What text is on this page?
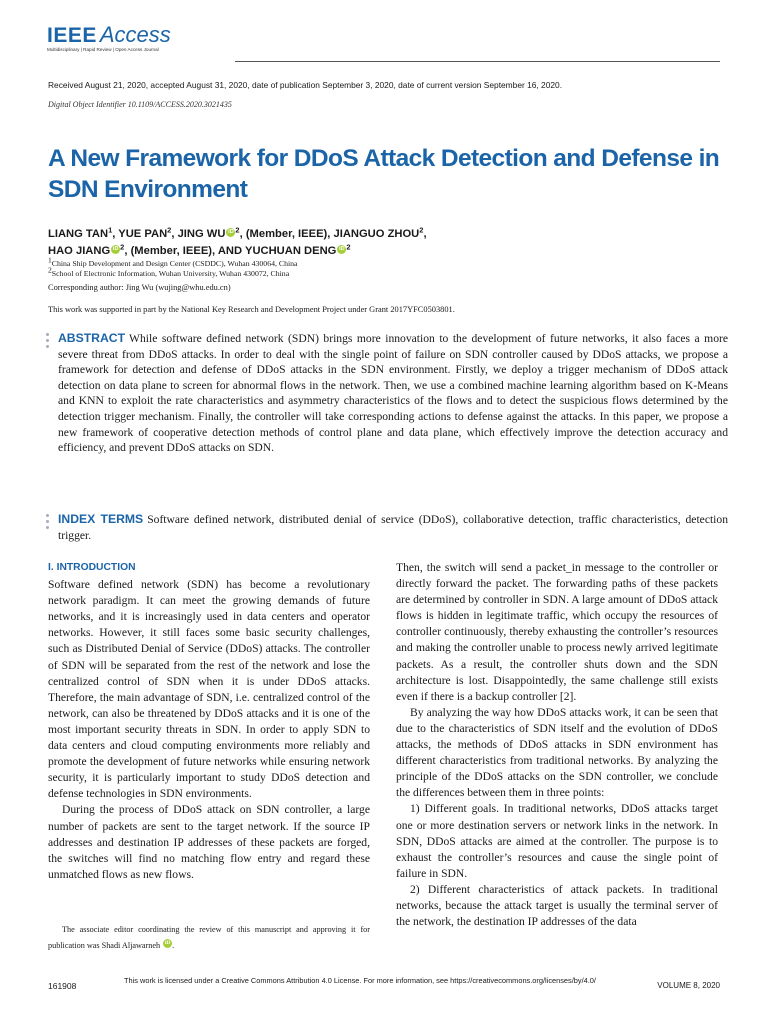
IEEE Access
Multidisciplinary | Rapid Review | Open Access Journal
Received August 21, 2020, accepted August 31, 2020, date of publication September 3, 2020, date of current version September 16, 2020.
Digital Object Identifier 10.1109/ACCESS.2020.3021435
A New Framework for DDoS Attack Detection and Defense in SDN Environment
LIANG TAN$^1$, YUE PAN$^2$, JING WU iD $^2$, (Member, IEEE), JIANGUO ZHOU$^2$,
HAO JIANG iD $^2$, (Member, IEEE), AND YUCHUAN DENG iD $^2$
$^1$China Ship Development and Design Center (CSDDC), Wuhan 430064, China
$^2$School of Electronic Information, Wuhan University, Wuhan 430072, China
Corresponding author: Jing Wu (wujing@whu.edu.cn)
This work was supported in part by the National Key Research and Development Project under Grant 2017YFC0503801.

ABSTRACT While software defined network (SDN) brings more innovation to the development of future networks, it also faces a more severe threat from DDoS attacks. In order to deal with the single point of failure on SDN controller caused by DDoS attacks, we propose a framework for detection and defense of DDoS attacks in the SDN environment. Firstly, we deploy a trigger mechanism of DDoS attack detection on data plane to screen for abnormal flows in the network. Then, we use a combined machine learning algorithm based on K-Means and KNN to exploit the rate characteristics and asymmetry characteristics of the flows and to detect the suspicious flows determined by the detection trigger mechanism. Finally, the controller will take corresponding actions to defense against the attacks. In this paper, we propose a new framework of cooperative detection methods of control plane and data plane, which effectively improve the detection accuracy and efficiency, and prevent DDoS attacks on SDN.

INDEX TERMS Software defined network, distributed denial of service (DDoS), collaborative detection, traffic characteristics, detection trigger.

I. INTRODUCTION

Software defined network (SDN) has become a revolutionary network paradigm. It can meet the growing demands of future networks, and it is increasingly used in data centers and operator networks. However, it still faces some basic security challenges, such as Distributed Denial of Service (DDoS) attacks. The controller of SDN will be separated from the rest of the network and lose the centralized control of SDN when it is under DDoS attacks. Therefore, the main advantage of SDN, i.e. centralized control of the network, can also be threatened by DDoS attacks and it is one of the most important security threats in SDN. In order to apply SDN to data centers and cloud computing environments more reliably and promote the development of future networks while ensuring network security, it is particularly important to study DDoS detection and defense technologies in SDN environments.

During the process of DDoS attack on SDN controller, a large number of packets are sent to the target network. If the source IP addresses and destination IP addresses of these packets are forged, the switches will find no matching flow entry and regard these unmatched flows as new flows.

Then, the switch will send a packet_in message to the controller or directly forward the packet. The forwarding paths of these packets are determined by controller in SDN. A large amount of DDoS attack flows is hidden in legitimate traffic, which occupy the resources of controller continuously, thereby exhausting the controller’s resources and making the controller unable to process newly arrived legitimate packets. As a result, the controller shuts down and the SDN architecture is lost. Disappointedly, the same challenge still exists even if there is a backup controller [2].

By analyzing the way how DDoS attacks work, it can be seen that due to the characteristics of SDN itself and the evolution of DDoS attacks, the methods of DDoS attacks in SDN environment has different characteristics from traditional networks. By analyzing the principle of the DDoS attacks on the SDN controller, we conclude the differences between them in three points:

1) Different goals. In traditional networks, DDoS attacks target one or more destination servers or network links in the network. In SDN, DDoS attacks are aimed at the controller. The purpose is to exhaust the controller’s resources and cause the single point of failure in SDN.

2) Different characteristics of attack packets. In traditional networks, because the attack target is usually the terminal server of the network, the destination IP addresses of the data

The associate editor coordinating the review of this manuscript and approving it for publication was Shadi Aljawarneh iD .
161908
This work is licensed under a Creative Commons Attribution 4.0 License. For more information, see https://creativecommons.org/licenses/by/4.0/
VOLUME 8, 2020
